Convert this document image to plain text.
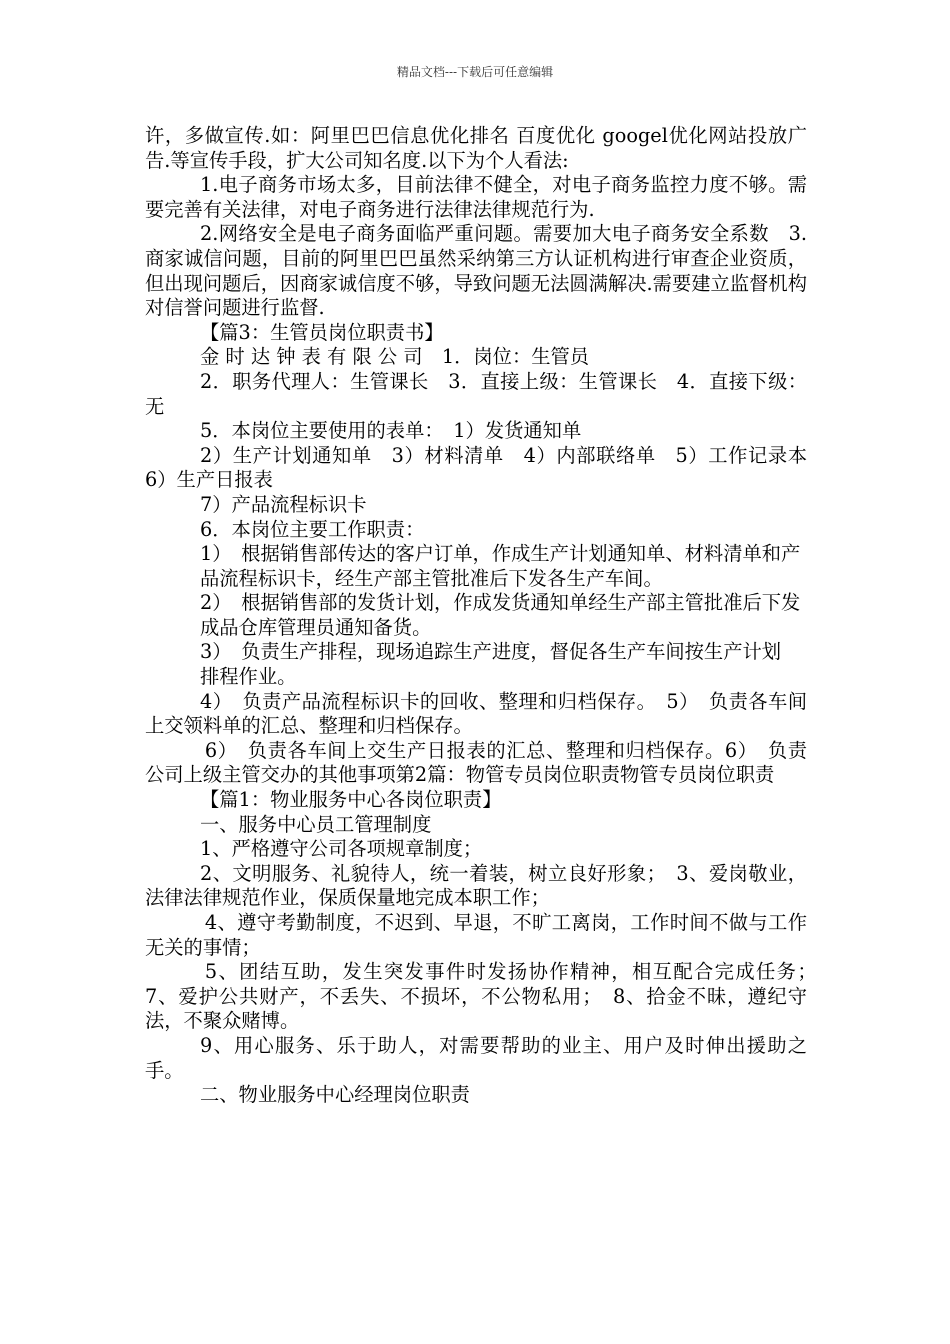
精品文档---下载后可任意编辑

许，多做宣传.如：阿里巴巴信息优化排名 百度优化 googel优化网站投放广告.等宣传手段，扩大公司知名度.以下为个人看法:

1.电子商务市场太多，目前法律不健全，对电子商务监控力度不够。需要完善有关法律，对电子商务进行法律法律规范行为.

2.网络安全是电子商务面临严重问题。需要加大电子商务安全系数　3.商家诚信问题，目前的阿里巴巴虽然采纳第三方认证机构进行审查企业资质，但出现问题后，因商家诚信度不够，导致问题无法圆满解决.需要建立监督机构对信誉问题进行监督.

【篇3：生管员岗位职责书】

金 时 达 钟 表 有 限 公 司　1．岗位：生管员

2．职务代理人：生管课长　3．直接上级：生管课长　4．直接下级：无

5．本岗位主要使用的表单：　1）发货通知单

2）生产计划通知单　3）材料清单　4）内部联络单　5）工作记录本　6）生产日报表

7）产品流程标识卡

6．本岗位主要工作职责：

1）　根据销售部传达的客户订单，作成生产计划通知单、材料清单和产

品流程标识卡，经生产部主管批准后下发各生产车间。

2）　根据销售部的发货计划，作成发货通知单经生产部主管批准后下发

成品仓库管理员通知备货。

3）　负责生产排程，现场追踪生产进度，督促各生产车间按生产计划

排程作业。

4）　负责产品流程标识卡的回收、整理和归档保存。　5）　负责各车间上交领料单的汇总、整理和归档保存。

6）　负责各车间上交生产日报表的汇总、整理和归档保存。6）　负责公司上级主管交办的其他事项第2篇：物管专员岗位职责物管专员岗位职责

【篇1：物业服务中心各岗位职责】

一、服务中心员工管理制度

1、严格遵守公司各项规章制度；

2、文明服务、礼貌待人，统一着装，树立良好形象；　3、爱岗敬业，法律法律规范作业，保质保量地完成本职工作；

4、遵守考勤制度，不迟到、早退，不旷工离岗，工作时间不做与工作无关的事情；

5、团结互助，发生突发事件时发扬协作精神，相互配合完成任务；　7、爱护公共财产，不丢失、不损坏，不公物私用；　8、拾金不昧，遵纪守法，不聚众赌博。

9、用心服务、乐于助人，对需要帮助的业主、用户及时伸出援助之手。

二、物业服务中心经理岗位职责
